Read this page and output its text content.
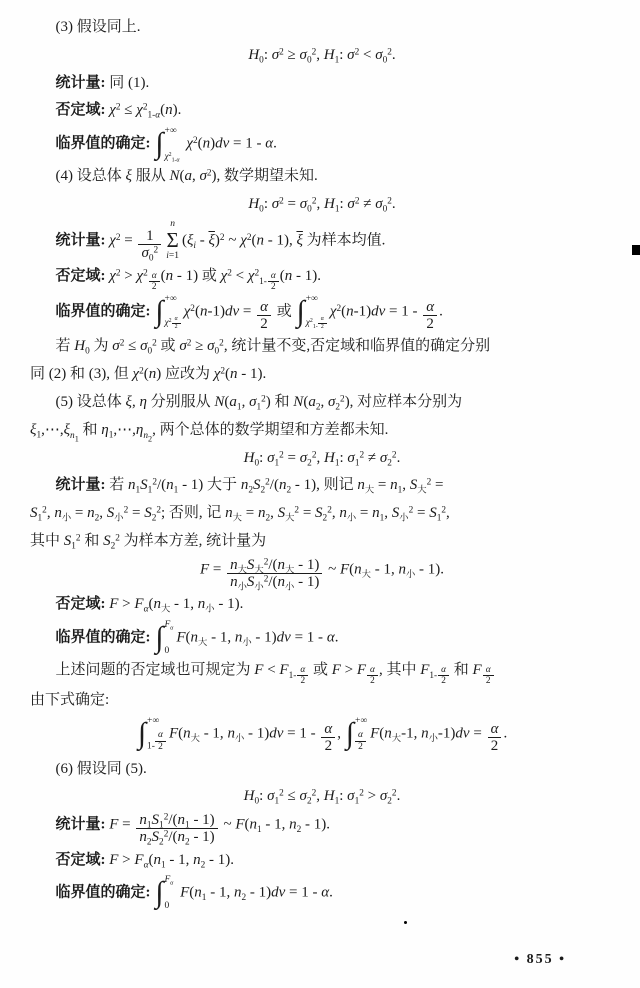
(3) 假设同上.
$H_0$: $\sigma^2 \ge \sigma_0^2$, $H_1$: $\sigma^2 < \sigma_0^2$.
统计量: 同 (1).
否定域: $\chi^2 \le \chi^2_{1-\alpha}(n)$.
临界值的确定: ∫ +∞
$\chi^2_{1-\alpha}$
$\chi^2(n)dv = 1 - \alpha$.
(4) 设总体 ξ 服从 N(a, $\sigma^2$), 数学期望未知.
$H_0$: $\sigma^2 = \sigma_0^2$, $H_1$: $\sigma^2 \ne \sigma_0^2$.
统计量: $\chi^2 = \frac{1}{\sigma_0^2}$
n
Σ
i=1
$(\xi_i - \overline{\xi})^2$ ~ $\chi^2(n - 1)$, $\overline{\xi}$ 为样本均值.
否定域: $\chi^2 > \chi^2$ $_{\frac{\alpha}{2}}$ (n - 1) 或 $\chi^2 < \chi^2_{1- \frac{\alpha}{2}}$ (n - 1).
临界值的确定: ∫ +∞
$\chi^2$ $_{\frac{\alpha}{2}}$
$\chi^2(n-1)dv = \frac{\alpha}{2}$ 或 ∫ +∞
$\chi^2_{1- \frac{\alpha}{2}}$
$\chi^2(n-1)dv = 1 - \frac{\alpha}{2}$ .
若 $H_0$ 为 $\sigma^2 \le \sigma_0^2$ 或 $\sigma^2 \ge \sigma_0^2$, 统计量不变,否定域和临界值的确定分别
同 (2) 和 (3), 但 $\chi^2(n)$ 应改为 $\chi^2(n - 1)$.
(5) 设总体 ξ, η 分别服从 $N(a_1$, $\sigma_1^2$) 和 $N(a_2$, $\sigma_2^2$), 对应样本分别为
$\xi_1,\cdots,\xi_{n_1}$ 和 $\eta_1,\cdots,\eta_{n_2}$, 两个总体的数学期望和方差都未知.
$H_0$: $\sigma_1^2 = \sigma_2^2$, $H_1$: $\sigma_1^2 \ne \sigma_2^2$.
统计量: 若 $n_1S_1^2/(n_1 - 1)$ 大于 $n_2S_2^2/(n_2 - 1)$, 则记 $n_大 = n_1$, $S_大^2$ =
$S_1^2$, $n_小 = n_2$, $S_小^2 = S_2^2$; 否则, 记 $n_大 = n_2$, $S_大^2 = S_2^2$, $n_小 = n_1$, $S_小^2 = S_1^2$,
其中 $S_1^2$ 和 $S_2^2$ 为样本方差, 统计量为
$F = \frac{n_大S_大^2/(n_大 - 1)}{n_小S_小^2/(n_小 - 1)}$ ~ $F(n_大 - 1$, $n_小 - 1$).
否定域: $F > F_\alpha(n_大 - 1$, $n_小 - 1$).
临界值的确定: ∫ $F_\alpha$
0
$F(n_大 - 1$, $n_小 - 1)dv = 1 - \alpha$.
上述问题的否定域也可规定为 $F < F_{1- \frac{\alpha}{2}}$ 或 F > F $_{\frac{\alpha}{2}}$ , 其中 $F_{1- \frac{\alpha}{2}}$ 和 F $_{\frac{\alpha}{2}}$
由下式确定:
∫ +∞
$1- \frac{\alpha}{2} F(n_大 - 1$, $n_小 - 1)dv = 1 - \frac{\alpha}{2}$ , ∫ +∞
$\frac{\alpha}{2} F(n_大-1$, $n_小-1)dv = \frac{\alpha}{2}$ .
(6) 假设同 (5).
$H_0$: $\sigma_1^2 \le \sigma_2^2$, $H_1$: $\sigma_1^2 > \sigma_2^2$.
统计量: $F = \frac{n_1S_1^2/(n_1 - 1)}{n_2S_2^2/(n_2 - 1)}$ ~ $F(n_1 - 1$, $n_2 - 1$).
否定域: $F > F_\alpha(n_1 - 1$, $n_2 - 1$).
临界值的确定: ∫ $F_\alpha$
0
$F(n_1 - 1$, $n_2 - 1)dv = 1 - \alpha$.
• 855 •
